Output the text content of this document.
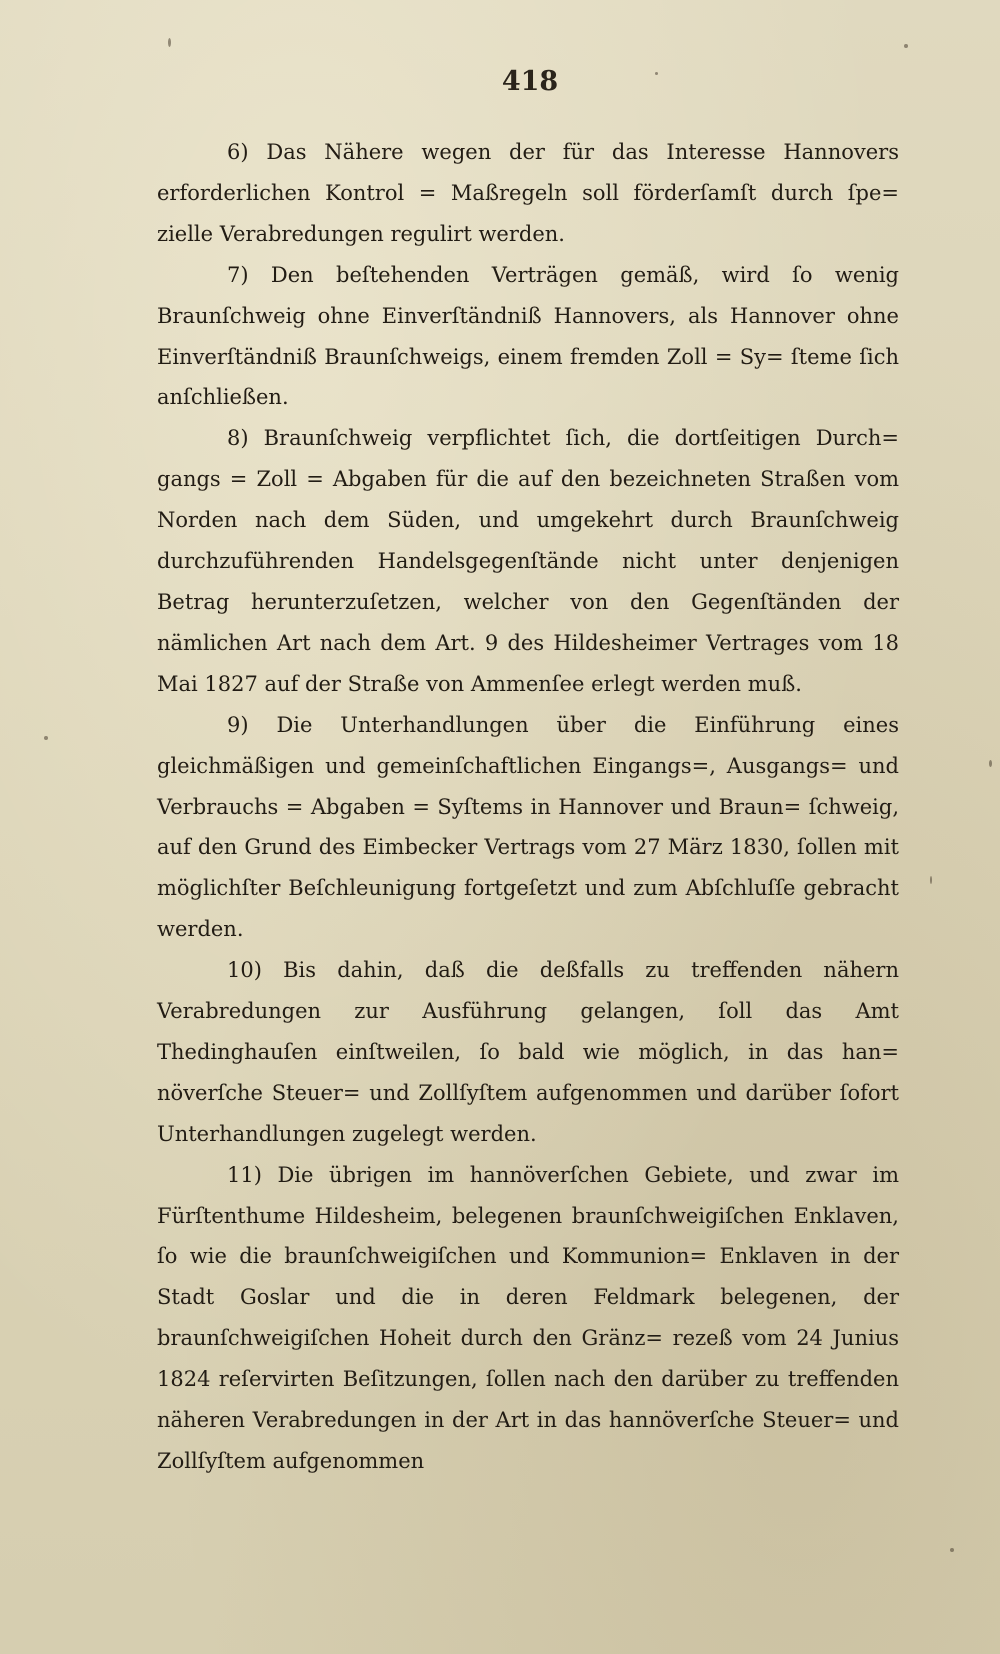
418

6) Das Nähere wegen der für das Interesse Hannovers erforderlichen Kontrol = Maßregeln soll förderſamſt durch ſpe= zielle Verabredungen regulirt werden.

7) Den beſtehenden Verträgen gemäß, wird ſo wenig Braunſchweig ohne Einverſtändniß Hannovers, als Hannover ohne Einverſtändniß Braunſchweigs, einem fremden Zoll = Sy= ſteme ſich anſchließen.

8) Braunſchweig verpflichtet ſich, die dortſeitigen Durch= gangs = Zoll = Abgaben für die auf den bezeichneten Straßen vom Norden nach dem Süden, und umgekehrt durch Braunſchweig durchzuführenden Handelsgegenſtände nicht unter denjenigen Betrag herunterzuſetzen, welcher von den Gegenſtänden der nämlichen Art nach dem Art. 9 des Hildesheimer Vertrages vom 18 Mai 1827 auf der Straße von Ammenſee erlegt werden muß.

9) Die Unterhandlungen über die Einführung eines gleichmäßigen und gemeinſchaftlichen Eingangs=, Ausgangs= und Verbrauchs = Abgaben = Syſtems in Hannover und Braun= ſchweig, auf den Grund des Eimbecker Vertrags vom 27 März 1830, ſollen mit möglichſter Beſchleunigung fortgeſetzt und zum Abſchluſſe gebracht werden.

10) Bis dahin, daß die deßfalls zu treffenden nähern Verabredungen zur Ausführung gelangen, ſoll das Amt Thedinghauſen einſtweilen, ſo bald wie möglich, in das han= növerſche Steuer= und Zollſyſtem aufgenommen und darüber ſofort Unterhandlungen zugelegt werden.

11) Die übrigen im hannöverſchen Gebiete, und zwar im Fürſtenthume Hildesheim, belegenen braunſchweigiſchen Enklaven, ſo wie die braunſchweigiſchen und Kommunion= Enklaven in der Stadt Goslar und die in deren Feldmark belegenen, der braunſchweigiſchen Hoheit durch den Gränz= rezeß vom 24 Junius 1824 reſervirten Beſitzungen, ſollen nach den darüber zu treffenden näheren Verabredungen in der Art in das hannöverſche Steuer= und Zollſyſtem aufgenommen
